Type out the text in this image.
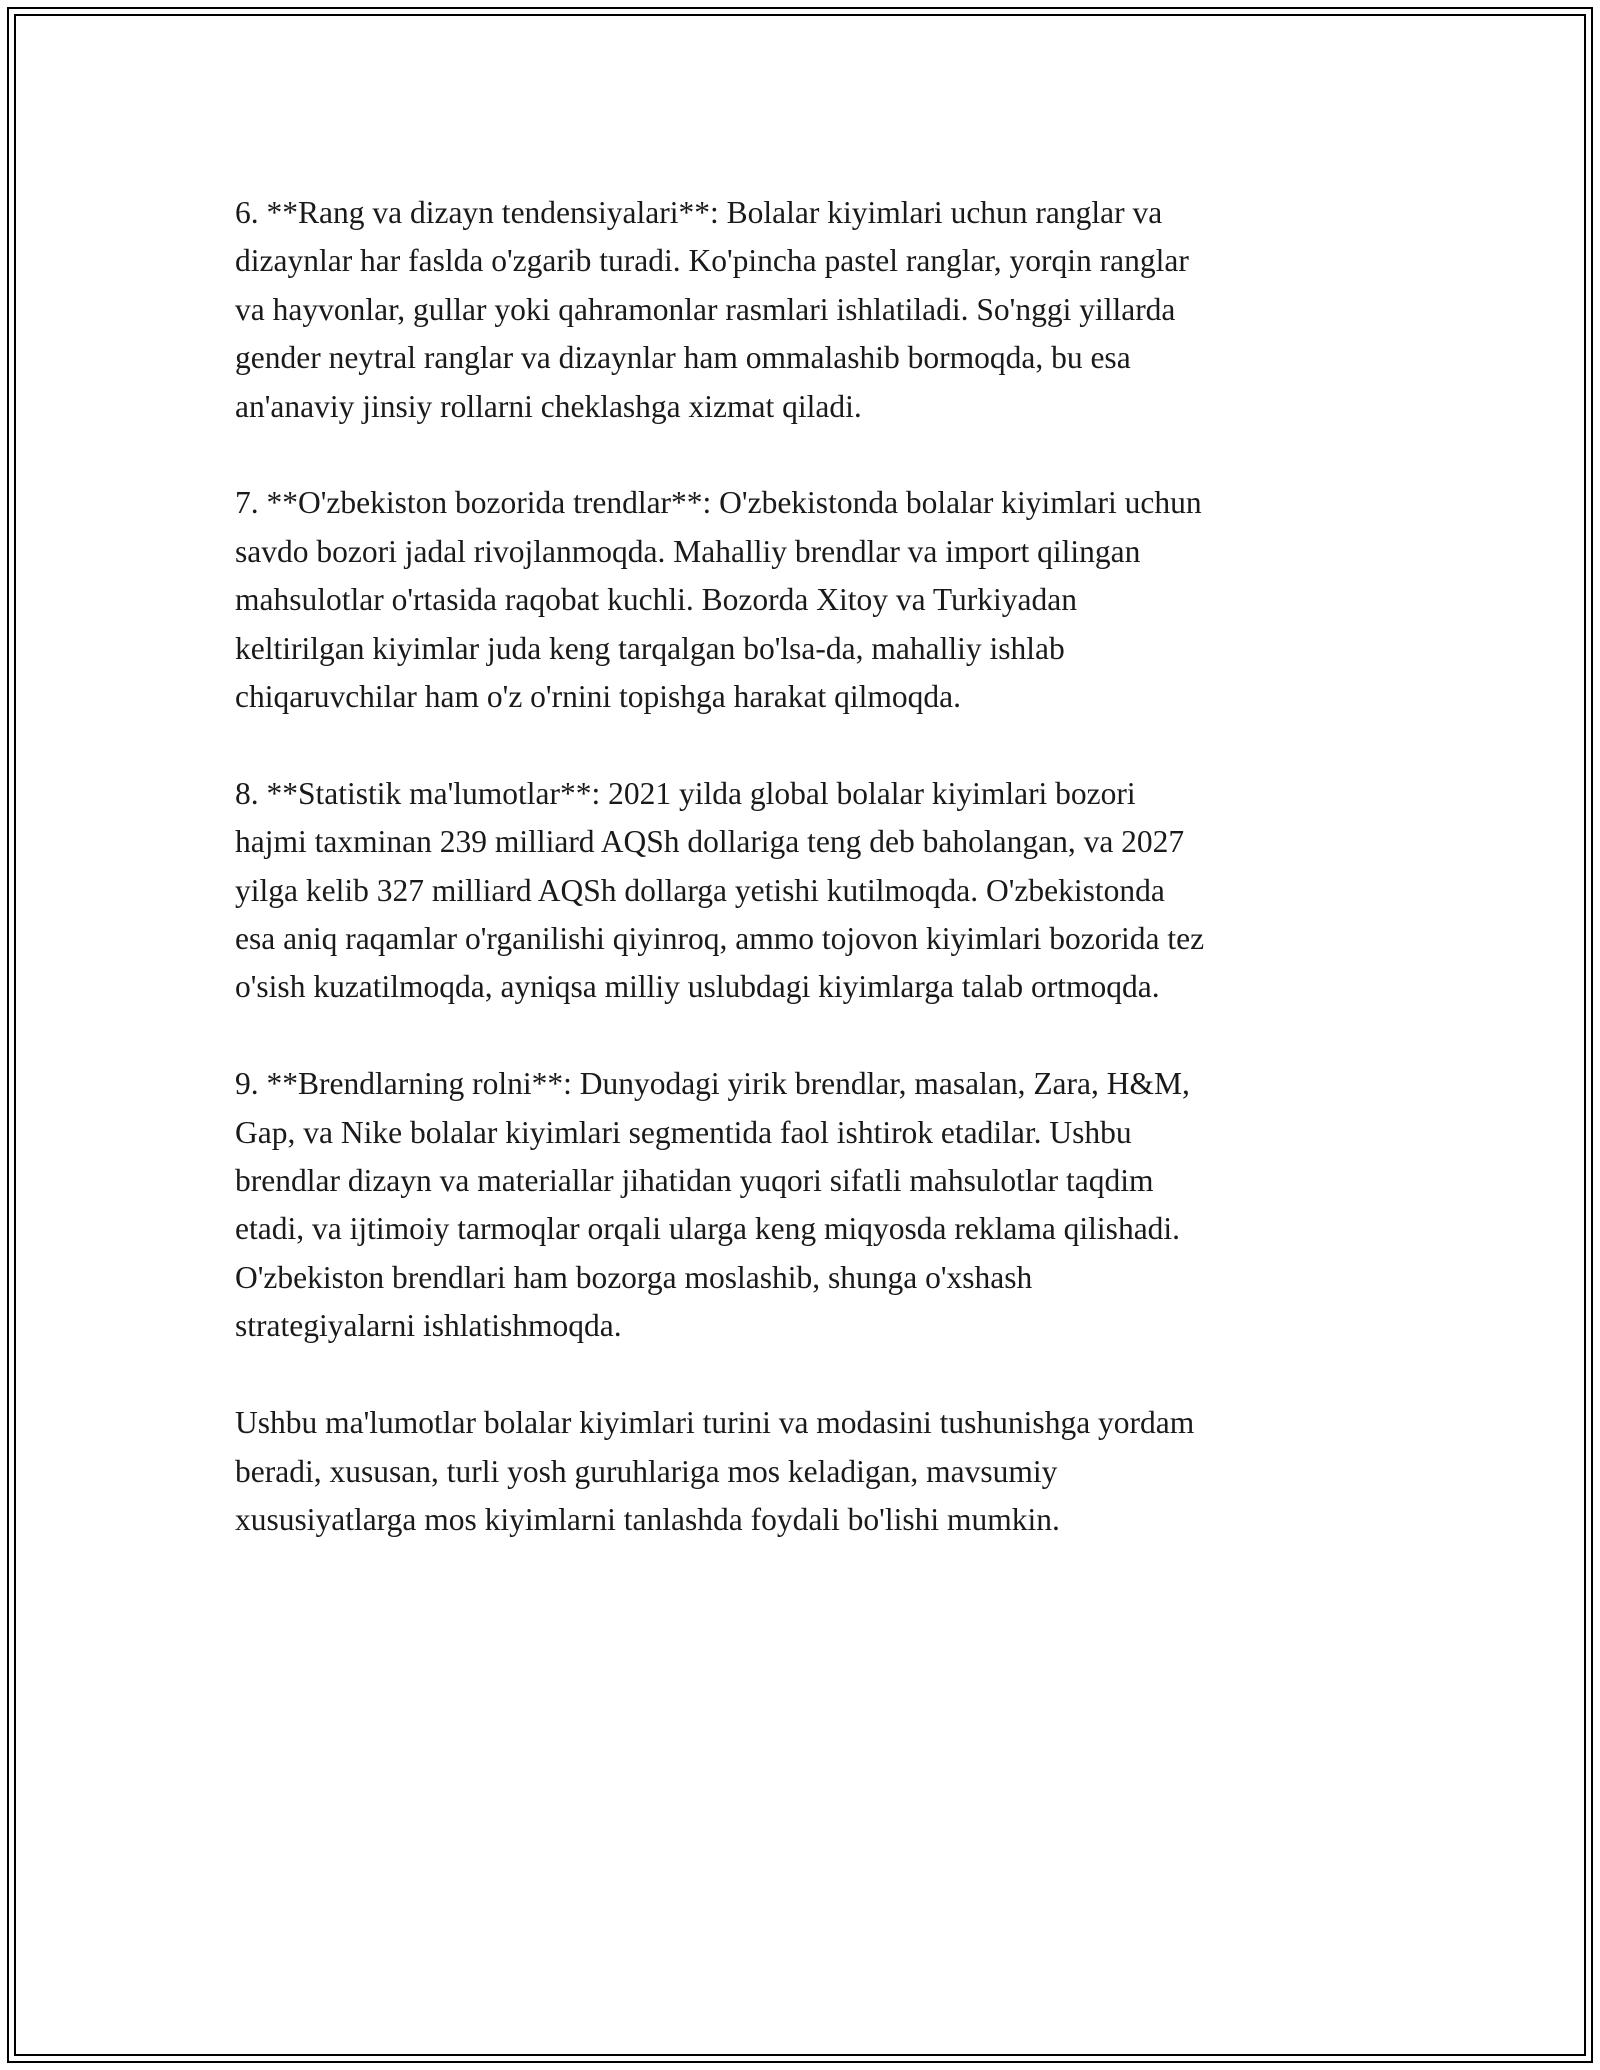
6. **Rang va dizayn tendensiyalari**: Bolalar kiyimlari uchun ranglar va
dizaynlar har faslda o'zgarib turadi. Ko'pincha pastel ranglar, yorqin ranglar
va hayvonlar, gullar yoki qahramonlar rasmlari ishlatiladi. So'nggi yillarda
gender neytral ranglar va dizaynlar ham ommalashib bormoqda, bu esa
an'anaviy jinsiy rollarni cheklashga xizmat qiladi.

7. **O'zbekiston bozorida trendlar**: O'zbekistonda bolalar kiyimlari uchun
savdo bozori jadal rivojlanmoqda. Mahalliy brendlar va import qilingan
mahsulotlar o'rtasida raqobat kuchli. Bozorda Xitoy va Turkiyadan
keltirilgan kiyimlar juda keng tarqalgan bo'lsa-da, mahalliy ishlab
chiqaruvchilar ham o'z o'rnini topishga harakat qilmoqda.

8. **Statistik ma'lumotlar**: 2021 yilda global bolalar kiyimlari bozori
hajmi taxminan 239 milliard AQSh dollariga teng deb baholangan, va 2027
yilga kelib 327 milliard AQSh dollarga yetishi kutilmoqda. O'zbekistonda
esa aniq raqamlar o'rganilishi qiyinroq, ammo tojovon kiyimlari bozorida tez
o'sish kuzatilmoqda, ayniqsa milliy uslubdagi kiyimlarga talab ortmoqda.

9. **Brendlarning rolni**: Dunyodagi yirik brendlar, masalan, Zara, H&M,
Gap, va Nike bolalar kiyimlari segmentida faol ishtirok etadilar. Ushbu
brendlar dizayn va materiallar jihatidan yuqori sifatli mahsulotlar taqdim
etadi, va ijtimoiy tarmoqlar orqali ularga keng miqyosda reklama qilishadi.
O'zbekiston brendlari ham bozorga moslashib, shunga o'xshash
strategiyalarni ishlatishmoqda.

Ushbu ma'lumotlar bolalar kiyimlari turini va modasini tushunishga yordam
beradi, xususan, turli yosh guruhlariga mos keladigan, mavsumiy
xususiyatlarga mos kiyimlarni tanlashda foydali bo'lishi mumkin.
